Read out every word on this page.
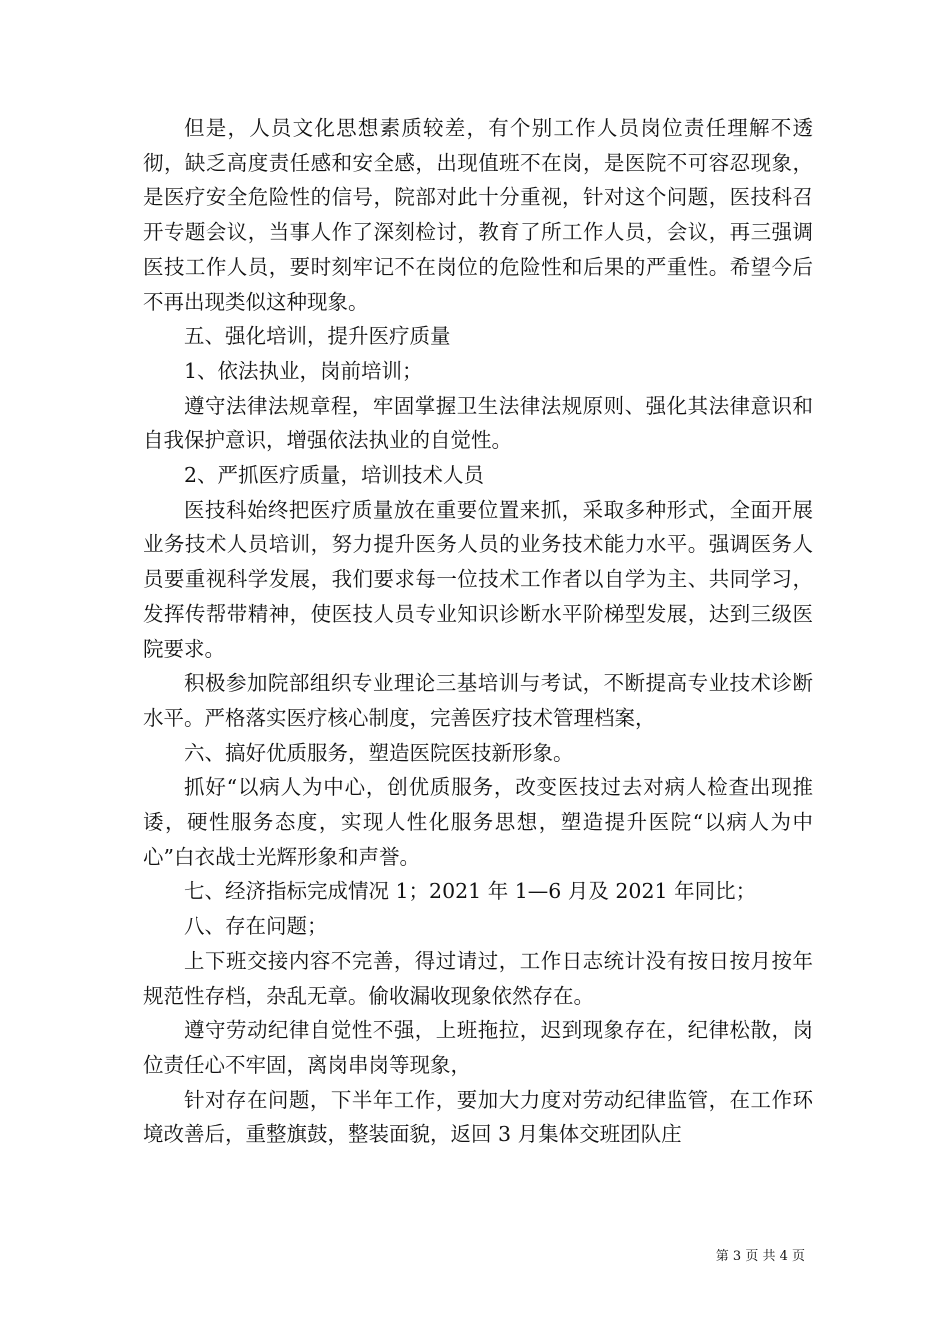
但是，人员文化思想素质较差，有个别工作人员岗位责任理解不透彻，缺乏高度责任感和安全感，出现值班不在岗，是医院不可容忍现象，是医疗安全危险性的信号，院部对此十分重视，针对这个问题，医技科召开专题会议，当事人作了深刻检讨，教育了所工作人员，会议，再三强调医技工作人员，要时刻牢记不在岗位的危险性和后果的严重性。希望今后不再出现类似这种现象。

五、强化培训，提升医疗质量

1、依法执业，岗前培训；

遵守法律法规章程，牢固掌握卫生法律法规原则、强化其法律意识和自我保护意识，增强依法执业的自觉性。

2、严抓医疗质量，培训技术人员

医技科始终把医疗质量放在重要位置来抓，采取多种形式，全面开展业务技术人员培训，努力提升医务人员的业务技术能力水平。强调医务人员要重视科学发展，我们要求每一位技术工作者以自学为主、共同学习，发挥传帮带精神，使医技人员专业知识诊断水平阶梯型发展，达到三级医院要求。

积极参加院部组织专业理论三基培训与考试，不断提高专业技术诊断水平。严格落实医疗核心制度，完善医疗技术管理档案，

六、搞好优质服务，塑造医院医技新形象。

抓好“以病人为中心，创优质服务，改变医技过去对病人检查出现推诿，硬性服务态度，实现人性化服务思想，塑造提升医院“以病人为中心”白衣战士光辉形象和声誉。

七、经济指标完成情况 1；2021 年 1—6 月及 2021 年同比；

八、存在问题；

上下班交接内容不完善，得过请过，工作日志统计没有按日按月按年规范性存档，杂乱无章。偷收漏收现象依然存在。

遵守劳动纪律自觉性不强，上班拖拉，迟到现象存在，纪律松散，岗位责任心不牢固，离岗串岗等现象，

针对存在问题，下半年工作，要加大力度对劳动纪律监管，在工作环境改善后，重整旗鼓，整装面貌，返回 3 月集体交班团队庄

第 3 页 共 4 页
